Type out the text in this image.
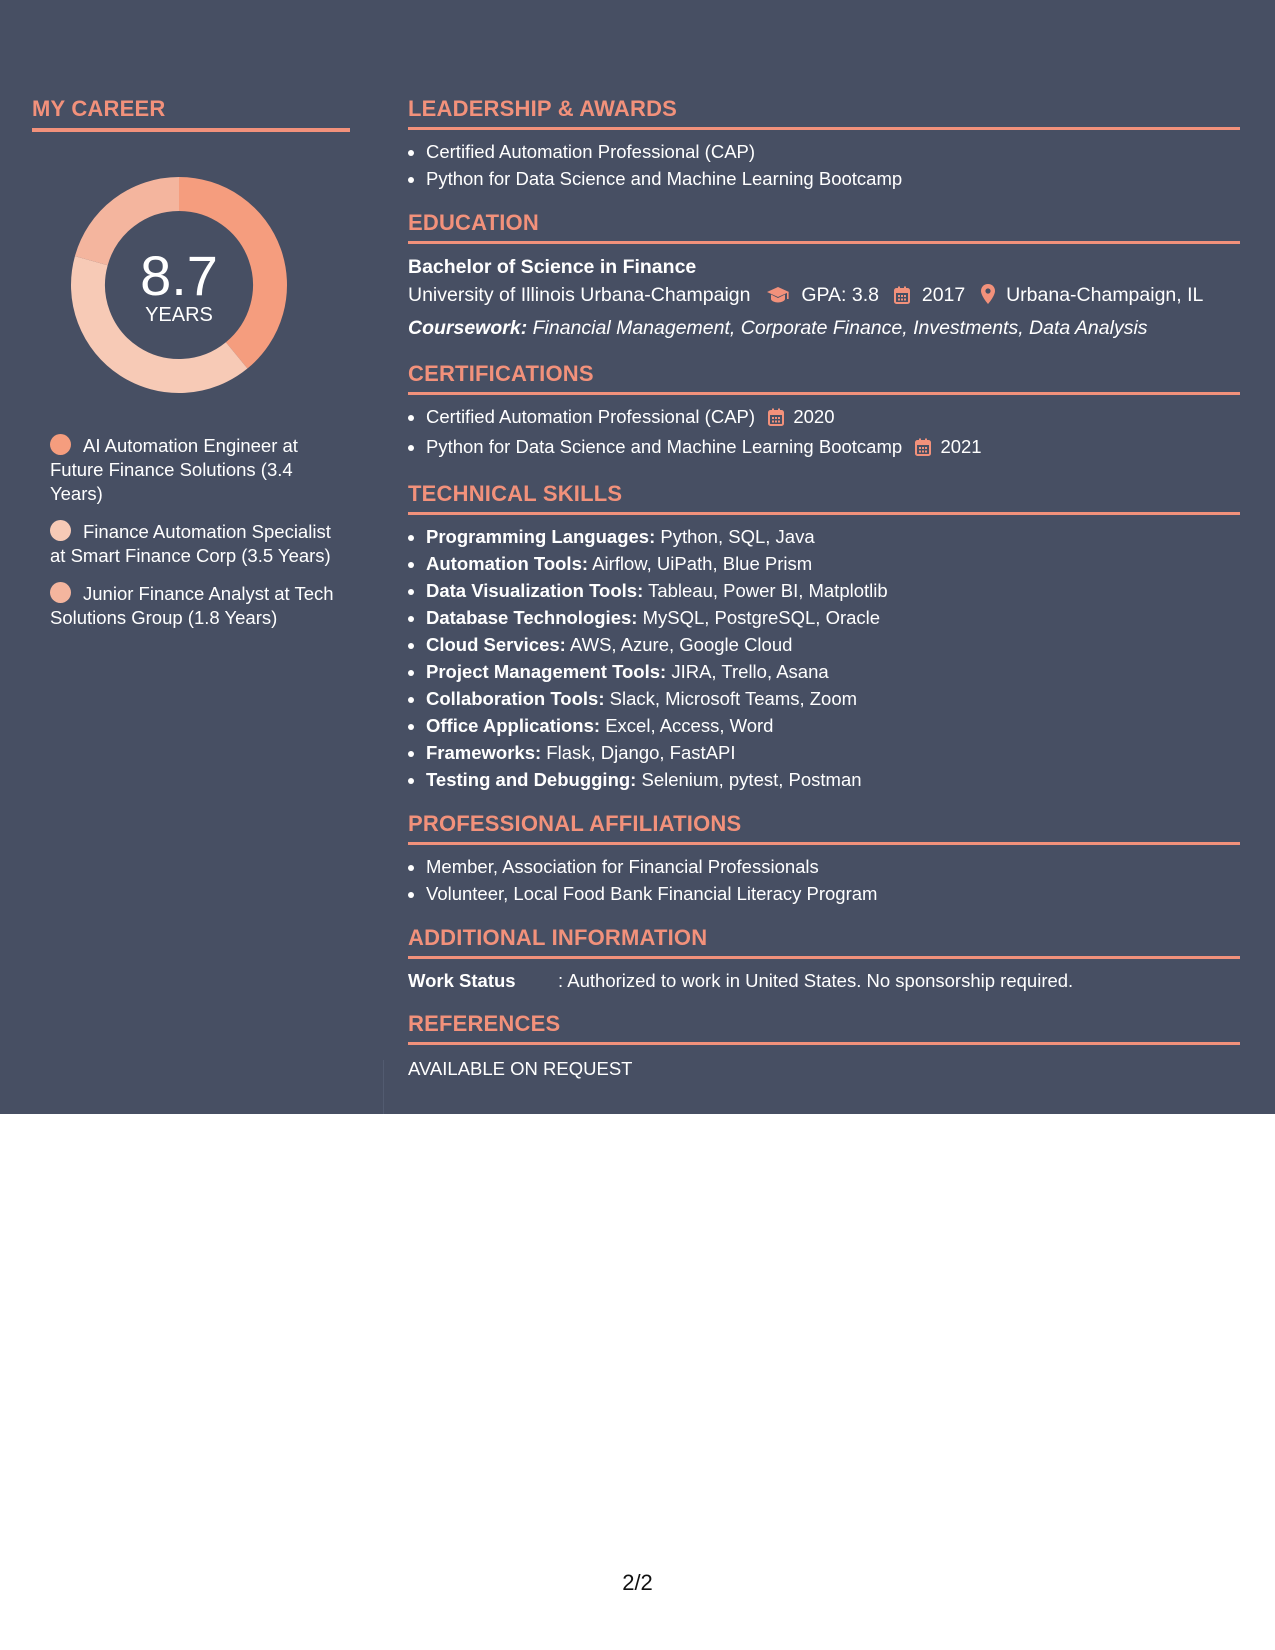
MY CAREER
8.7
YEARS
AI Automation Engineer at Future Finance Solutions (3.4 Years)
Finance Automation Specialist at Smart Finance Corp (3.5 Years)
Junior Finance Analyst at Tech Solutions Group (1.8 Years)
LEADERSHIP & AWARDS
• Certified Automation Professional (CAP)
• Python for Data Science and Machine Learning Bootcamp
EDUCATION
Bachelor of Science in Finance
University of Illinois Urbana-Champaign	GPA: 3.8 2017 Urbana-Champaign, IL
Coursework: Financial Management, Corporate Finance, Investments, Data Analysis
CERTIFICATIONS
• Certified Automation Professional (CAP) 2020
• Python for Data Science and Machine Learning Bootcamp 2021
TECHNICAL SKILLS
• Programming Languages: Python, SQL, Java
• Automation Tools: Airflow, UiPath, Blue Prism
• Data Visualization Tools: Tableau, Power BI, Matplotlib
• Database Technologies: MySQL, PostgreSQL, Oracle
• Cloud Services: AWS, Azure, Google Cloud
• Project Management Tools: JIRA, Trello, Asana
• Collaboration Tools: Slack, Microsoft Teams, Zoom
• Office Applications: Excel, Access, Word
• Frameworks: Flask, Django, FastAPI
• Testing and Debugging: Selenium, pytest, Postman
PROFESSIONAL AFFILIATIONS
• Member, Association for Financial Professionals
• Volunteer, Local Food Bank Financial Literacy Program
ADDITIONAL INFORMATION
Work Status : Authorized to work in United States. No sponsorship required.
REFERENCES
AVAILABLE ON REQUEST
2/2
